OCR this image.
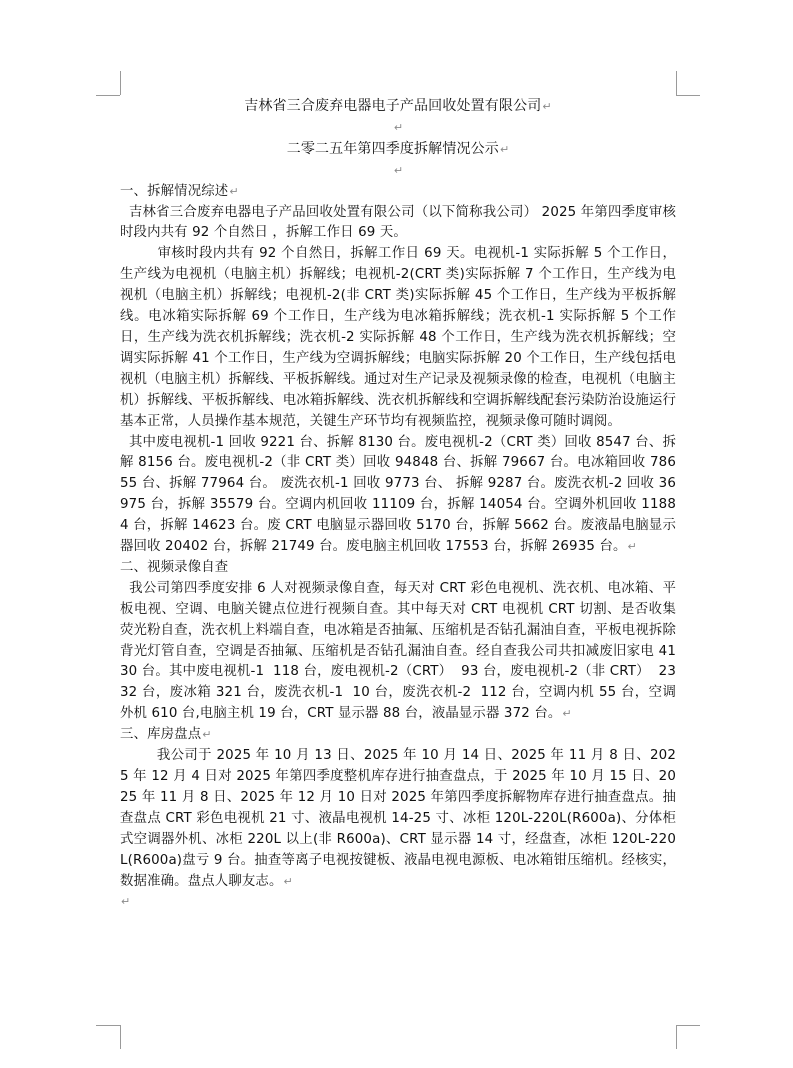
吉林省三合废弃电器电子产品回收处置有限公司↵
↵
二零二五年第四季度拆解情况公示↵
↵
一、拆解情况综述↵

吉林省三合废弃电器电子产品回收处置有限公司（以下简称我公司） 2025 年第四季度审核时段内共有 92 个自然日 ，拆解工作日 69 天。

审核时段内共有 92 个自然日，拆解工作日 69 天。电视机-1 实际拆解 5 个工作日，生产线为电视机（电脑主机）拆解线；电视机-2(CRT 类)实际拆解 7 个工作日，生产线为电视机（电脑主机）拆解线；电视机-2(非 CRT 类)实际拆解 45 个工作日，生产线为平板拆解线。电冰箱实际拆解 69 个工作日，生产线为电冰箱拆解线；洗衣机-1 实际拆解 5 个工作日，生产线为洗衣机拆解线；洗衣机-2 实际拆解 48 个工作日，生产线为洗衣机拆解线；空调实际拆解 41 个工作日，生产线为空调拆解线；电脑实际拆解 20 个工作日，生产线包括电视机（电脑主机）拆解线、平板拆解线。通过对生产记录及视频录像的检查，电视机（电脑主机）拆解线、平板拆解线、电冰箱拆解线、洗衣机拆解线和空调拆解线配套污染防治设施运行基本正常，人员操作基本规范，关键生产环节均有视频监控，视频录像可随时调阅。

其中废电视机-1 回收 9221 台、拆解 8130 台。废电视机-2（CRT 类）回收 8547 台、拆解 8156 台。废电视机-2（非 CRT 类）回收 94848 台、拆解 79667 台。电冰箱回收 78655 台、拆解 77964 台。 废洗衣机-1 回收 9773 台、 拆解 9287 台。废洗衣机-2 回收 36975 台，拆解 35579 台。空调内机回收 11109 台，拆解 14054 台。空调外机回收 11884 台，拆解 14623 台。废 CRT 电脑显示器回收 5170 台，拆解 5662 台。废液晶电脑显示器回收 20402 台，拆解 21749 台。废电脑主机回收 17553 台，拆解 26935 台。↵

二、视频录像自查

我公司第四季度安排 6 人对视频录像自查，每天对 CRT 彩色电视机、洗衣机、电冰箱、平板电视、空调、电脑关键点位进行视频自查。其中每天对 CRT 电视机 CRT 切割、是否收集荧光粉自查，洗衣机上料端自查，电冰箱是否抽氟、压缩机是否钻孔漏油自查，平板电视拆除背光灯管自查，空调是否抽氟、压缩机是否钻孔漏油自查。经自查我公司共扣减废旧家电 4130 台。其中废电视机-1  118 台，废电视机-2（CRT）  93 台，废电视机-2（非 CRT）  2332 台，废冰箱 321 台，废洗衣机-1  10 台，废洗衣机-2  112 台，空调内机 55 台，空调外机 610 台,电脑主机 19 台，CRT 显示器 88 台，液晶显示器 372 台。↵

三、库房盘点↵

我公司于 2025 年 10 月 13 日、2025 年 10 月 14 日、2025 年 11 月 8 日、2025 年 12 月 4 日对 2025 年第四季度整机库存进行抽查盘点，于 2025 年 10 月 15 日、2025 年 11 月 8 日、2025 年 12 月 10 日对 2025 年第四季度拆解物库存进行抽查盘点。抽查盘点 CRT 彩色电视机 21 寸、液晶电视机 14-25 寸、冰柜 120L-220L(R600a)、分体柜式空调器外机、冰柜 220L 以上(非 R600a)、CRT 显示器 14 寸，经盘查，冰柜 120L-220L(R600a)盘亏 9 台。抽查等离子电视按键板、液晶电视电源板、电冰箱钳压缩机。经核实，数据准确。盘点人聊友志。↵

↵
